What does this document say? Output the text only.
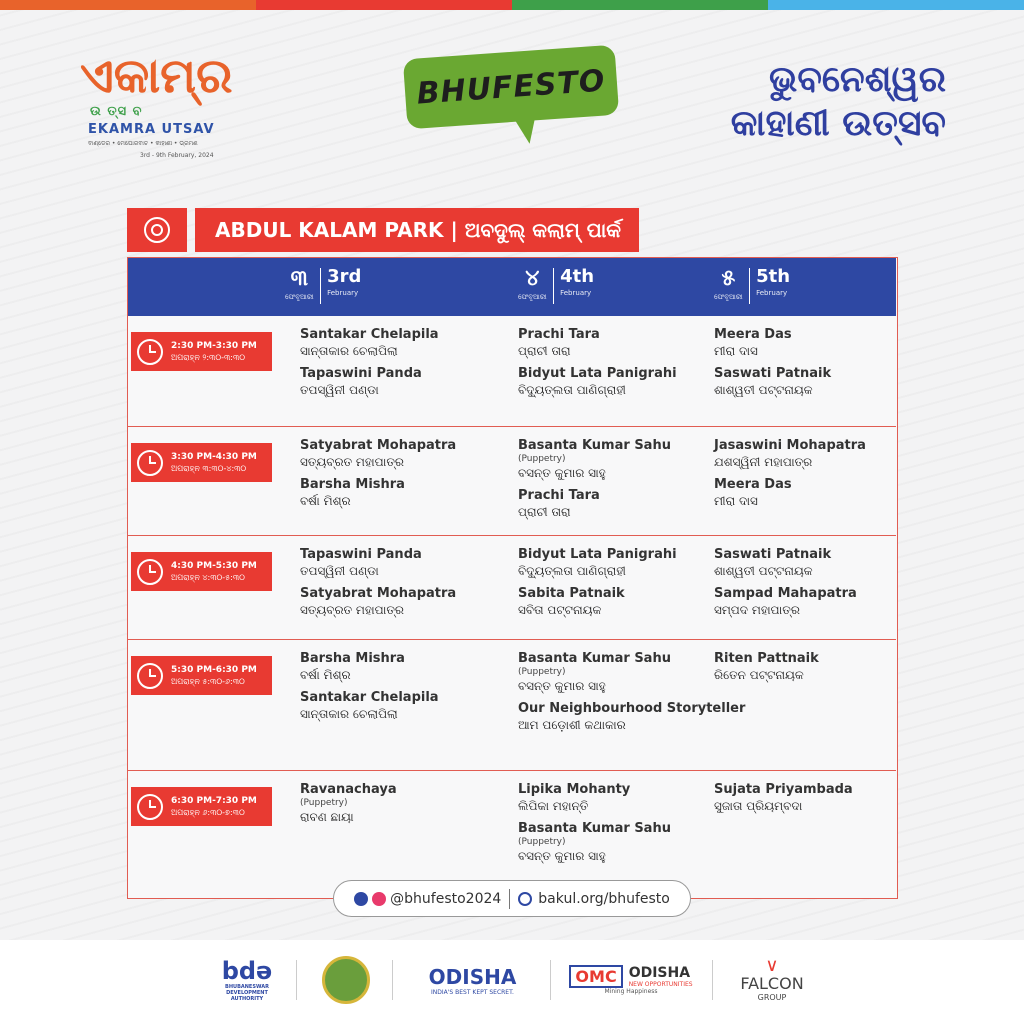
ଏକାମ୍ର
ଉ ତ୍ସ ବ
EKAMRA UTSAV
ବାଣ୍ଡେର • ମେଘୋରବାଚ • କାହାଣୀ • ଭ୍ରମଣ
3rd - 9th February, 2024
BHUFESTO	ଭୁବନେଶ୍ୱର
କାହାଣୀ ଉତ୍ସବ
ABDUL KALAM PARK | ଅବଦୁଲ୍ କଲାମ୍ ପାର୍କ
୩
ଫେବୃଆରୀ
3rd
February
୪
ଫେବୃଆରୀ
4th
February
୫
ଫେବୃଆରୀ
5th
February
2:30 PM-3:30 PM
ଅପରାହ୍ନ ୨:୩୦-୩:୩୦
Santakar Chelapila
ସାନ୍ତାକାର ଚେଲାପିଲା
Tapaswini Panda
ତପସ୍ୱିନୀ ପଣ୍ଡା
Prachi Tara
ପ୍ରାଚୀ ତାରା
Bidyut Lata Panigrahi
ବିଦ୍ୟୁତ୍‌ଲତା ପାଣିଗ୍ରାହୀ
Meera Das
ମୀରା ଦାସ
Saswati Patnaik
ଶାଶ୍ୱତୀ ପଟ୍ଟନାୟକ
3:30 PM-4:30 PM
ଅପରାହ୍ନ ୩:୩୦-୪:୩୦
Satyabrat Mohapatra
ସତ୍ୟବ୍ରତ ମହାପାତ୍ର
Barsha Mishra
ବର୍ଷା ମିଶ୍ର
Basanta Kumar Sahu
(Puppetry)
ବସନ୍ତ କୁମାର ସାହୁ
Prachi Tara
ପ୍ରାଚୀ ତାରା
Jasaswini Mohapatra
ଯଶସ୍ୱିନୀ ମହାପାତ୍ର
Meera Das
ମୀରା ଦାସ
4:30 PM-5:30 PM
ଅପରାହ୍ନ ୪:୩୦-୫:୩୦
Tapaswini Panda
ତପସ୍ୱିନୀ ପଣ୍ଡା
Satyabrat Mohapatra
ସତ୍ୟବ୍ରତ ମହାପାତ୍ର
Bidyut Lata Panigrahi
ବିଦ୍ୟୁତ୍‌ଲତା ପାଣିଗ୍ରାହୀ
Sabita Patnaik
ସବିତା ପଟ୍ଟନାୟକ
Saswati Patnaik
ଶାଶ୍ୱତୀ ପଟ୍ଟନାୟକ
Sampad Mahapatra
ସମ୍ପଦ ମହାପାତ୍ର
5:30 PM-6:30 PM
ଅପରାହ୍ନ ୫:୩୦-୬:୩୦
Barsha Mishra
ବର୍ଷା ମିଶ୍ର
Santakar Chelapila
ସାନ୍ତାକାର ଚେଲାପିଲା
Basanta Kumar Sahu
(Puppetry)
ବସନ୍ତ କୁମାର ସାହୁ
Our Neighbourhood Storyteller
ଆମ ପଡ଼ୋଶୀ କଥାକାର
Riten Pattnaik
ରିତେନ ପଟ୍ଟନାୟକ
6:30 PM-7:30 PM
ଅପରାହ୍ନ ୬:୩୦-୭:୩୦
Ravanachaya
(Puppetry)
ରାବଣ ଛାୟା
Lipika Mohanty
ଲିପିକା ମହାନ୍ତି
Basanta Kumar Sahu
(Puppetry)
ବସନ୍ତ କୁମାର ସାହୁ
Sujata Priyambada
ସୁଜାତା ପ୍ରିୟମ୍ବଦା
@bhufesto2024	bakul.org/bhufesto
bdə
BHUBANESWAR DEVELOPMENT AUTHORITY
ODISHA
INDIA'S BEST KEPT SECRET.
OMC ODISHA
NEW OPPORTUNITIES
Mining Happiness
∨
FALCON
GROUP
